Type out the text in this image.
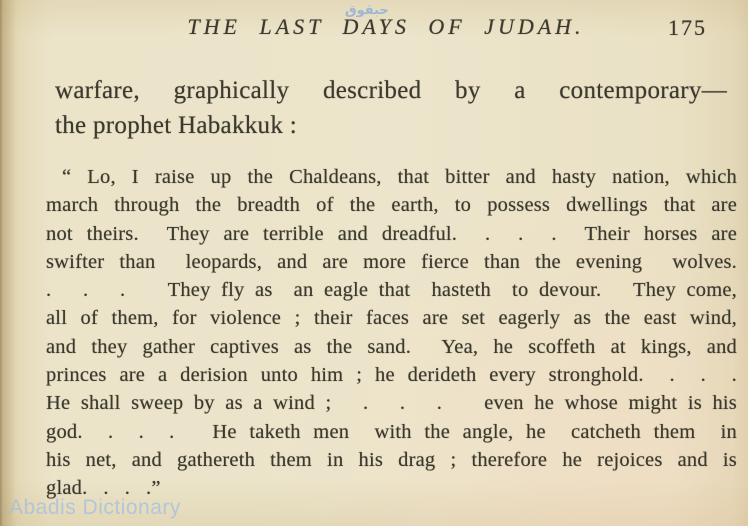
THE LAST DAYS OF JUDAH.	175
حبقوق
warfare, graphically described by a contemporary—
the prophet Habakkuk :
“ Lo, I raise up the Chaldeans, that bitter and hasty nation, which
march through the breadth of the earth, to possess dwellings that are
not theirs.  They are terrible and dreadful.  .  .  .  Their horses are
swifter than  leopards, and are more fierce than the evening  wolves.
.   .   .    They fly as  an eagle that  hasteth  to devour.   They come,
all of them, for violence ; their faces are set eagerly as the east wind,
and they gather captives as the sand.  Yea, he scoffeth at kings, and
princes are a derision unto him ; he derideth every stronghold.  .  .  .
He shall sweep by as a wind ;   .   .   .    even he whose might is his
god.  .  .  .   He taketh men  with the angle, he  catcheth them  in
his net, and gathereth them in his drag ; therefore he rejoices and is
glad.   .   .   .”
Abadis Dictionary
